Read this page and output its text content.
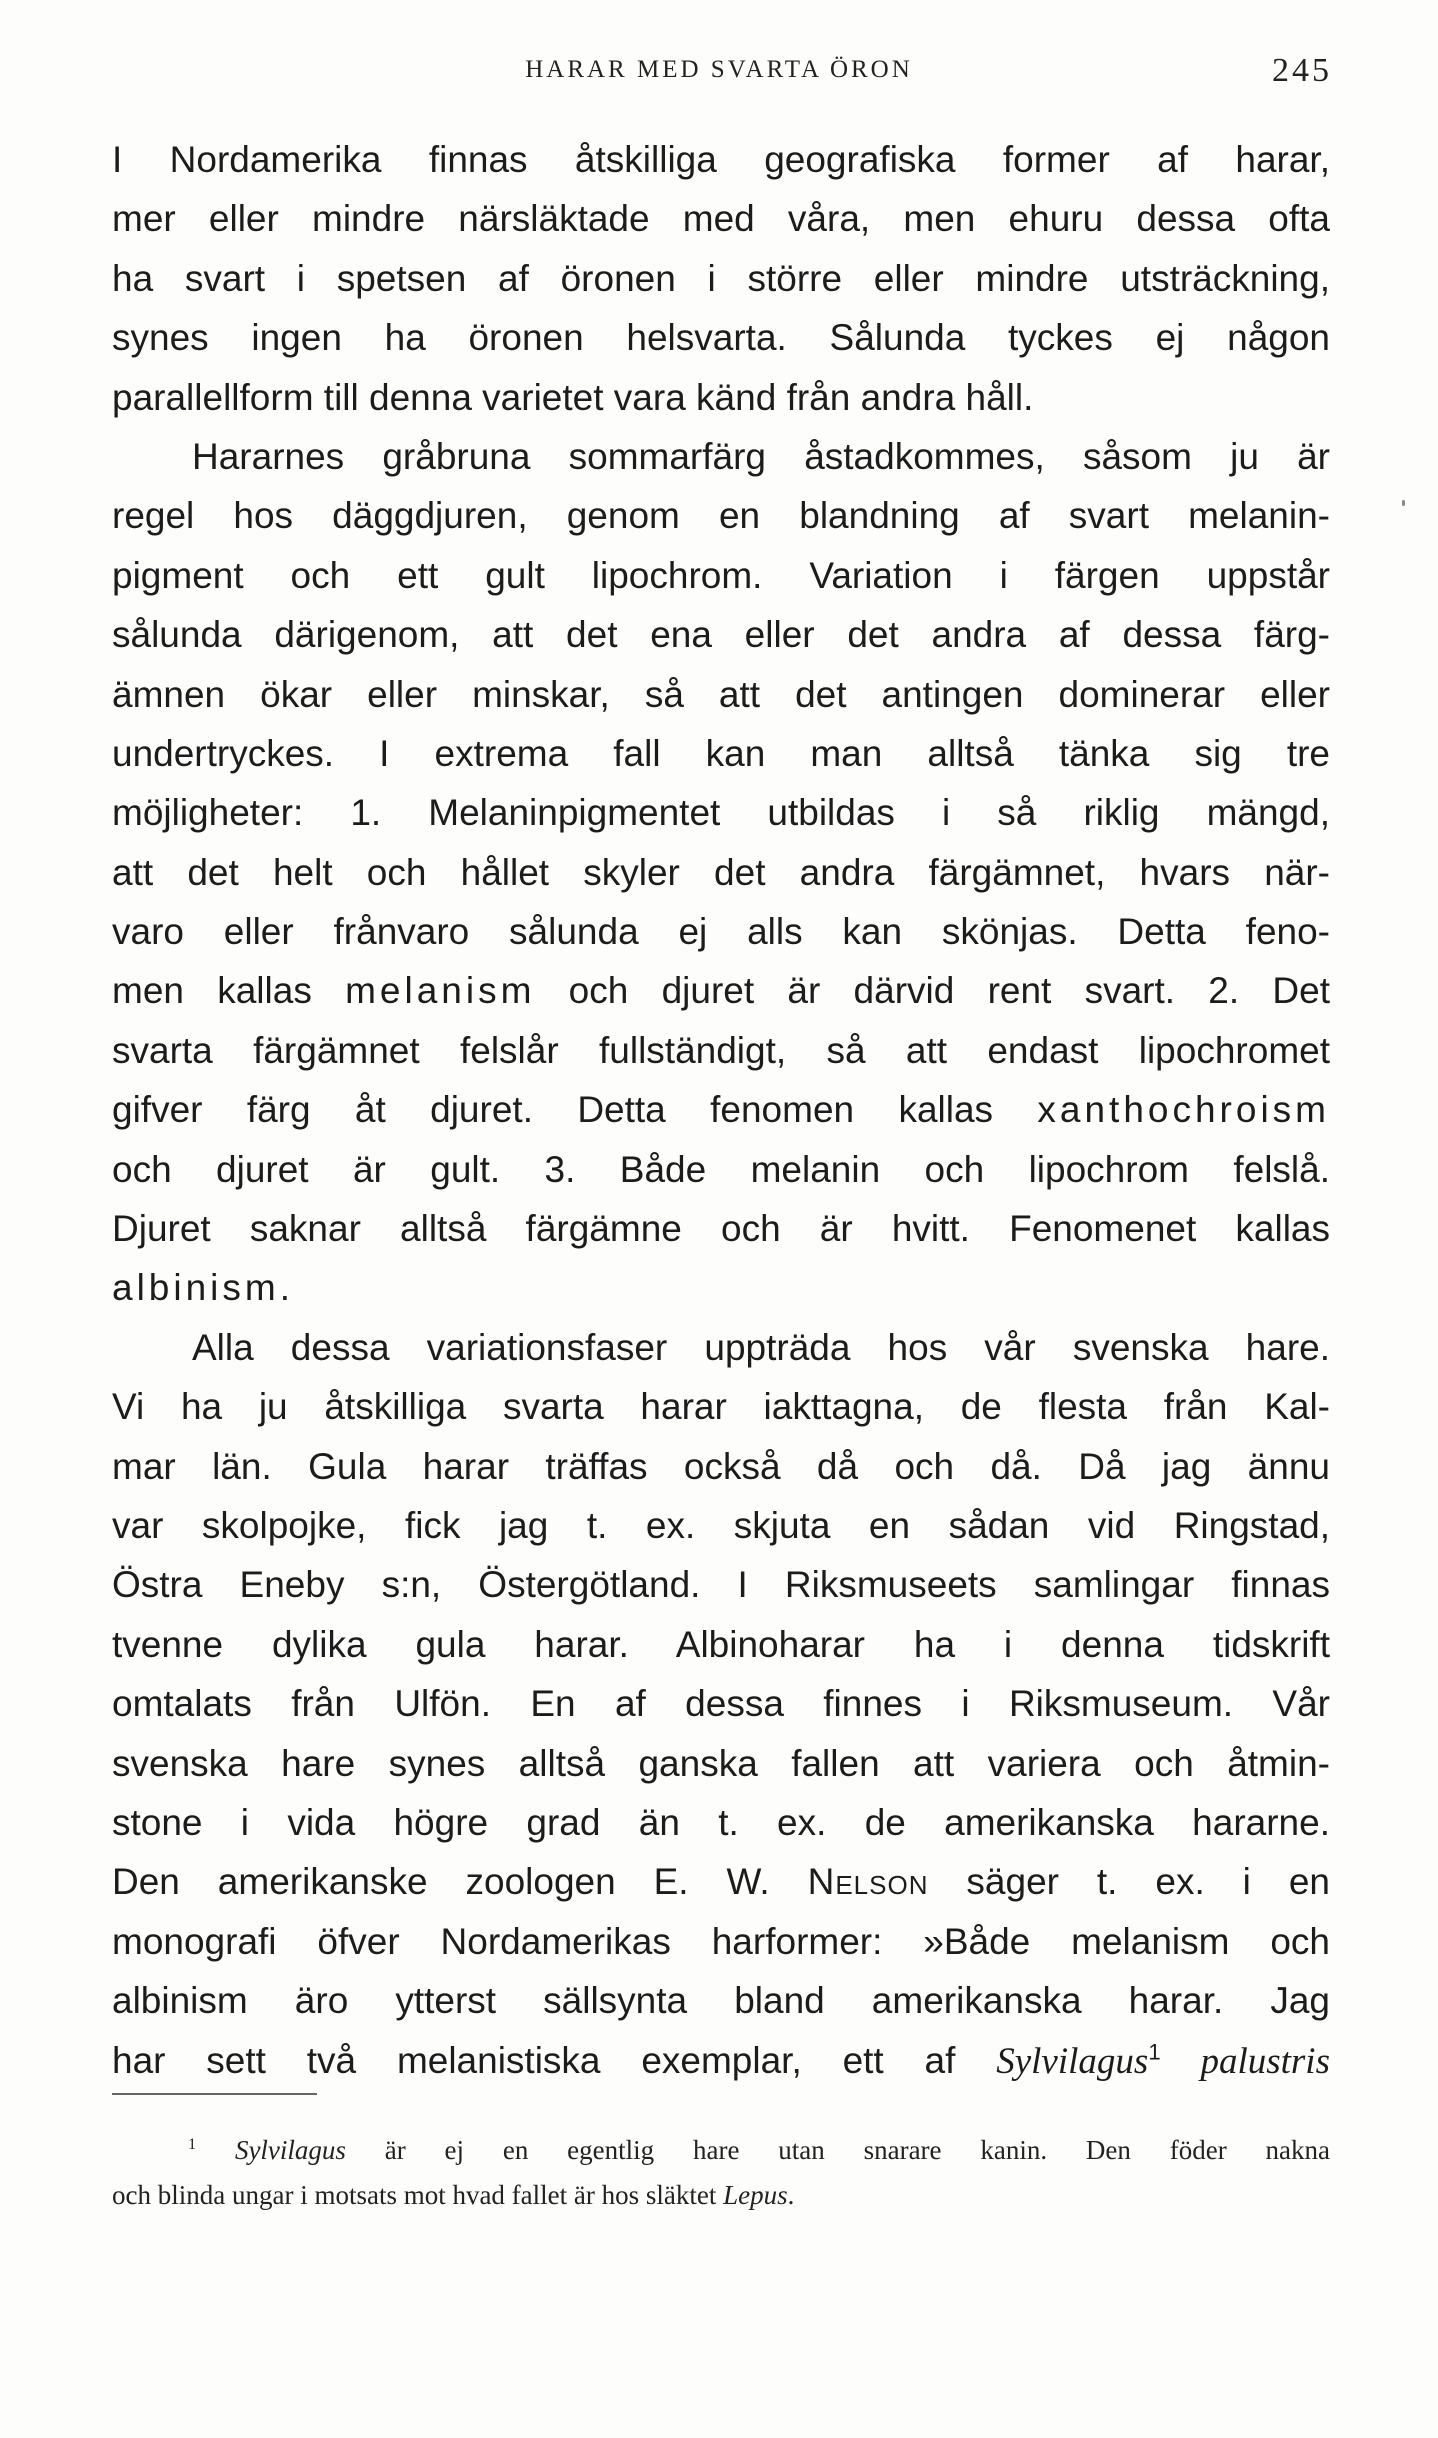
HARAR MED SVARTA ÖRON	245
I Nordamerika finnas åtskilliga geografiska former af harar,
mer eller mindre närsläktade med våra, men ehuru dessa ofta
ha svart i spetsen af öronen i större eller mindre utsträckning,
synes ingen ha öronen helsvarta. Sålunda tyckes ej någon
parallellform till denna varietet vara känd från andra håll.
Hararnes gråbruna sommarfärg åstadkommes, såsom ju är
regel hos däggdjuren, genom en blandning af svart melanin-
pigment och ett gult lipochrom. Variation i färgen uppstår
sålunda därigenom, att det ena eller det andra af dessa färg-
ämnen ökar eller minskar, så att det antingen dominerar eller
undertryckes. I extrema fall kan man alltså tänka sig tre
möjligheter: 1. Melaninpigmentet utbildas i så riklig mängd,
att det helt och hållet skyler det andra färgämnet, hvars när-
varo eller frånvaro sålunda ej alls kan skönjas. Detta feno-
men kallas melanism och djuret är därvid rent svart. 2. Det
svarta färgämnet felslår fullständigt, så att endast lipochromet
gifver färg åt djuret. Detta fenomen kallas xanthochroism
och djuret är gult. 3. Både melanin och lipochrom felslå.
Djuret saknar alltså färgämne och är hvitt. Fenomenet kallas
albinism.
Alla dessa variationsfaser uppträda hos vår svenska hare.
Vi ha ju åtskilliga svarta harar iakttagna, de flesta från Kal-
mar län. Gula harar träffas också då och då. Då jag ännu
var skolpojke, fick jag t. ex. skjuta en sådan vid Ringstad,
Östra Eneby s:n, Östergötland. I Riksmuseets samlingar finnas
tvenne dylika gula harar. Albinoharar ha i denna tidskrift
omtalats från Ulfön. En af dessa finnes i Riksmuseum. Vår
svenska hare synes alltså ganska fallen att variera och åtmin-
stone i vida högre grad än t. ex. de amerikanska hararne.
Den amerikanske zoologen E. W. Nelson säger t. ex. i en
monografi öfver Nordamerikas harformer: »Både melanism och
albinism äro ytterst sällsynta bland amerikanska harar. Jag
har sett två melanistiska exemplar, ett af Sylvilagus$^1$ palustris
$^1$ Sylvilagus är ej en egentlig hare utan snarare kanin. Den föder nakna
och blinda ungar i motsats mot hvad fallet är hos släktet Lepus.
